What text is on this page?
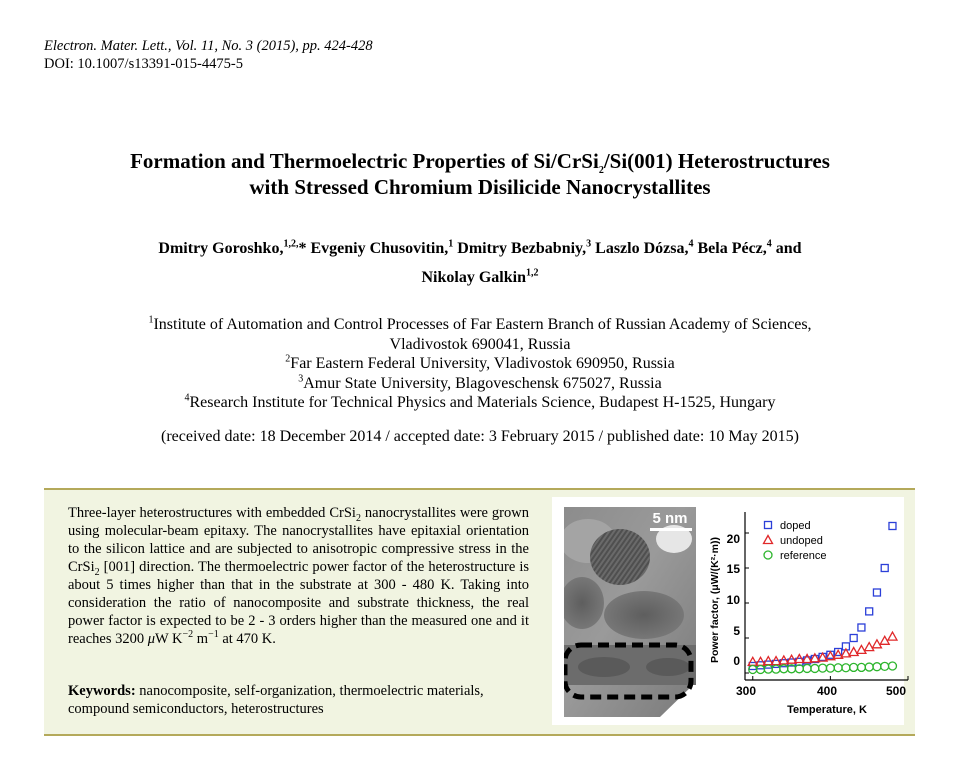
Electron. Mater. Lett., Vol. 11, No. 3 (2015), pp. 424-428
DOI: 10.1007/s13391-015-4475-5
Formation and Thermoelectric Properties of Si/CrSi$_2$/Si(001) Heterostructures
with Stressed Chromium Disilicide Nanocrystallites
Dmitry Goroshko,$^{1,2,}$* Evgeniy Chusovitin,$^1$ Dmitry Bezbabniy,$^3$ Laszlo Dózsa,$^4$ Bela Pécz,$^4$ and
Nikolay Galkin$^{1,2}$
$^1$Institute of Automation and Control Processes of Far Eastern Branch of Russian Academy of Sciences,
Vladivostok 690041, Russia
$^2$Far Eastern Federal University, Vladivostok 690950, Russia
$^3$Amur State University, Blagoveschensk 675027, Russia
$^4$Research Institute for Technical Physics and Materials Science, Budapest H-1525, Hungary
(received date: 18 December 2014 / accepted date: 3 February 2015 / published date: 10 May 2015)
Three-layer heterostructures with embedded CrSi$_2$ nanocrystallites were grown using molecular-beam epitaxy. The nanocrystallites have epitaxial orientation to the silicon lattice and are subjected to anisotropic compressive stress in the CrSi$_2$ [001] direction. The thermoelectric power factor of the heterostructure is about 5 times higher than that in the substrate at 300 - 480 K. Taking into consideration the ratio of nanocomposite and substrate thickness, the real power factor is expected to be 2 - 3 orders higher than the measured one and it reaches 3200 μW $K^{-2}$ $m^{-1}$ at 470 K.
Keywords: nanocomposite, self-organization, thermoelectric materials, compound semiconductors, heterostructures
5 nm
300	400	500
0
5
10
15
20
Temperature, K
Power factor, (μW/(K²·m))
doped
undoped
reference
